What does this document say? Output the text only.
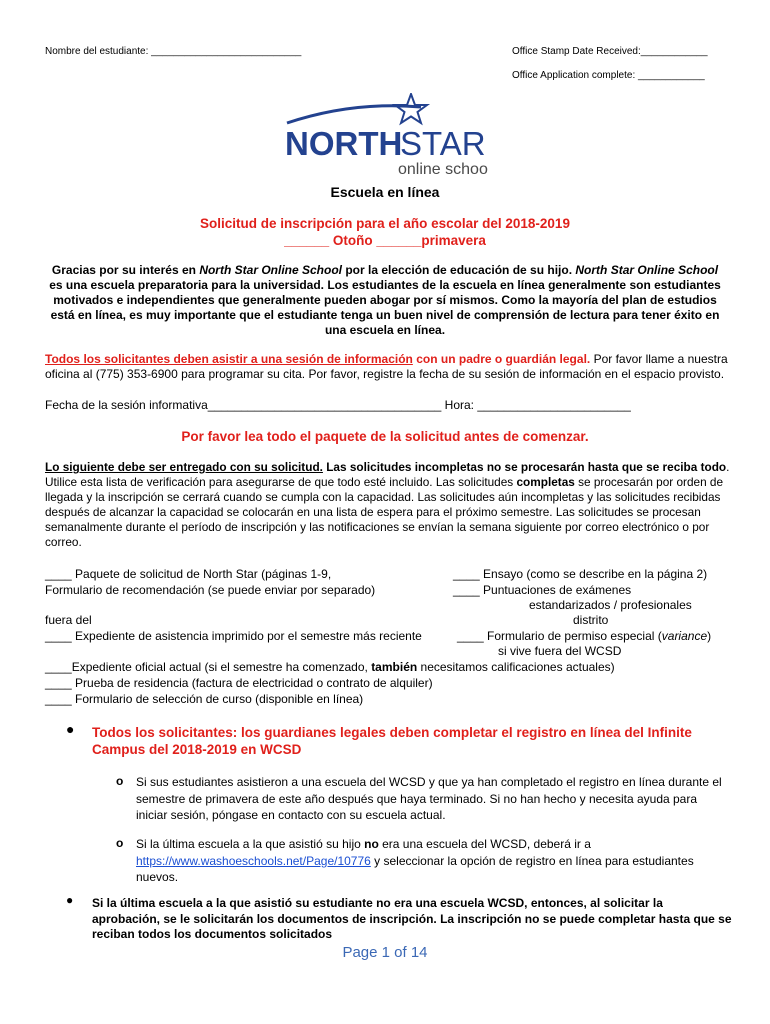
Nombre del estudiante: ___________________________	Office Stamp Date Received:____________
Office Application complete: ____________
NORTH
STAR
online school
Escuela en línea
Solicitud de inscripción para el año escolar del 2018-2019
______ Otoño ______primavera
Gracias por su interés en North Star Online School por la elección de educación de su hijo. North Star Online School es una escuela preparatoria para la universidad. Los estudiantes de la escuela en línea generalmente son estudiantes motivados e independientes que generalmente pueden abogar por sí mismos. Como la mayoría del plan de estudios está en línea, es muy importante que el estudiante tenga un buen nivel de comprensión de lectura para tener éxito en una escuela en línea.
Todos los solicitantes deben asistir a una sesión de información con un padre o guardián legal. Por favor llame a nuestra oficina al (775) 353-6900 para programar su cita. Por favor, registre la fecha de su sesión de información en el espacio provisto.
Fecha de la sesión informativa___________________________________ Hora: _______________________
Por favor lea todo el paquete de la solicitud antes de comenzar.
Lo siguiente debe ser entregado con su solicitud. Las solicitudes incompletas no se procesarán hasta que se reciba todo. Utilice esta lista de verificación para asegurarse de que todo esté incluido. Las solicitudes completas se procesarán por orden de llegada y la inscripción se cerrará cuando se cumpla con la capacidad. Las solicitudes aún incompletas y las solicitudes recibidas después de alcanzar la capacidad se colocarán en una lista de espera para el próximo semestre. Las solicitudes se procesan semanalmente durante el período de inscripción y las notificaciones se envían la semana siguiente por correo electrónico o por correo.
____ Paquete de solicitud de North Star (páginas 1-9,
Formulario de recomendación (se puede enviar por separado)
fuera del
____ Expediente de asistencia imprimido por el semestre más reciente
____ Ensayo (como se describe en la página 2)
____ Puntuaciones de exámenes
estandarizados / profesionales
distrito
____ Formulario de permiso especial (variance)
si vive fuera del WCSD
____Expediente oficial actual (si el semestre ha comenzado, también necesitamos calificaciones actuales)
____ Prueba de residencia (factura de electricidad o contrato de alquiler)
____ Formulario de selección de curso (disponible en línea)
● Todos los solicitantes: los guardianes legales deben completar el registro en línea del Infinite Campus del 2018-2019 en WCSD
o Si sus estudiantes asistieron a una escuela del WCSD y que ya han completado el registro en línea durante el semestre de primavera de este año después que haya terminado. Si no han hecho y necesita ayuda para iniciar sesión, póngase en contacto con su escuela actual.
o Si la última escuela a la que asistió su hijo no era una escuela del WCSD, deberá ir a https://www.washoeschools.net/Page/10776 y seleccionar la opción de registro en línea para estudiantes nuevos.
● Si la última escuela a la que asistió su estudiante no era una escuela WCSD, entonces, al solicitar la aprobación, se le solicitarán los documentos de inscripción. La inscripción no se puede completar hasta que se reciban todos los documentos solicitados
Page 1 of 14
